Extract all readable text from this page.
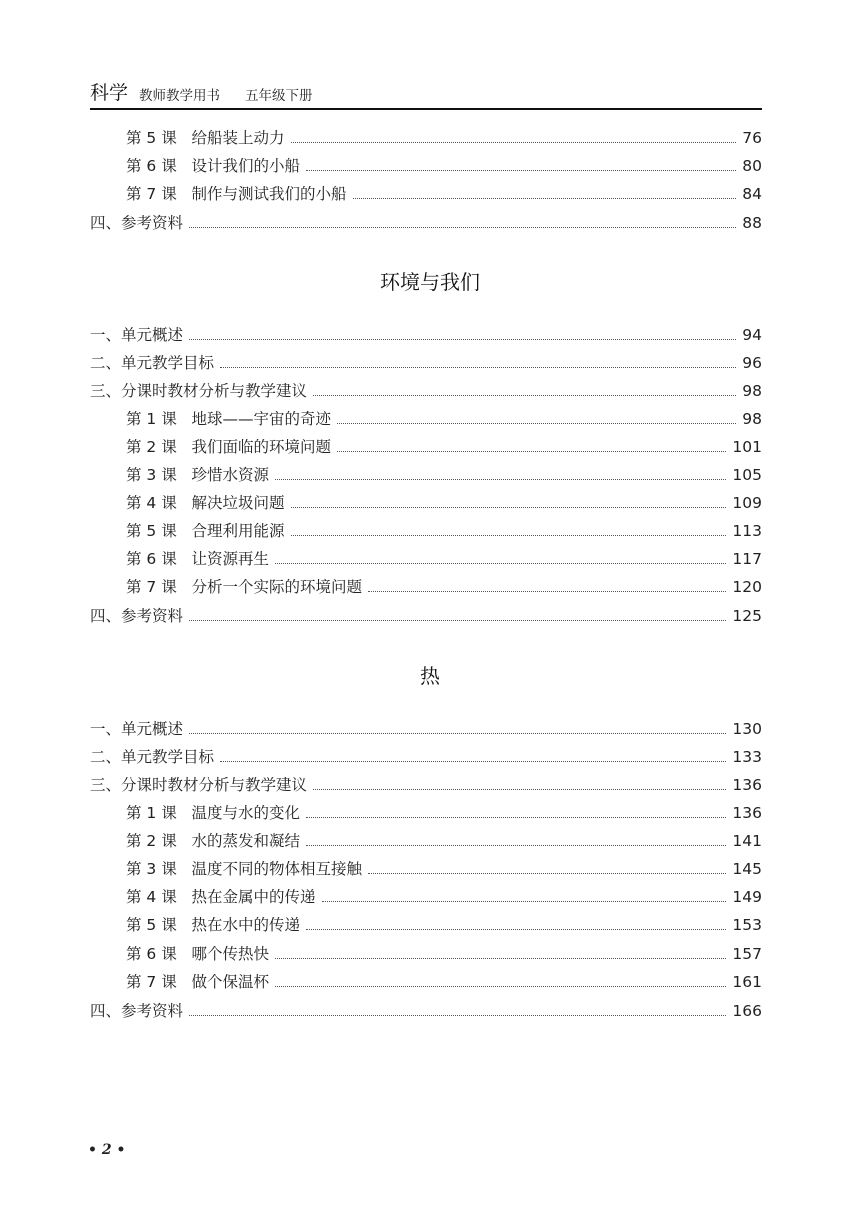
科学 教师教学用书 五年级下册
第 5 课   给船装上动力	76
第 6 课   设计我们的小船	80
第 7 课   制作与测试我们的小船	84
四、参考资料	88
环境与我们
一、单元概述	94
二、单元教学目标	96
三、分课时教材分析与教学建议	98
第 1 课   地球——宇宙的奇迹	98
第 2 课   我们面临的环境问题	101
第 3 课   珍惜水资源	105
第 4 课   解决垃圾问题	109
第 5 课   合理利用能源	113
第 6 课   让资源再生	117
第 7 课   分析一个实际的环境问题	120
四、参考资料	125
热
一、单元概述	130
二、单元教学目标	133
三、分课时教材分析与教学建议	136
第 1 课   温度与水的变化	136
第 2 课   水的蒸发和凝结	141
第 3 课   温度不同的物体相互接触	145
第 4 课   热在金属中的传递	149
第 5 课   热在水中的传递	153
第 6 课   哪个传热快	157
第 7 课   做个保温杯	161
四、参考资料	166
• 2 •
